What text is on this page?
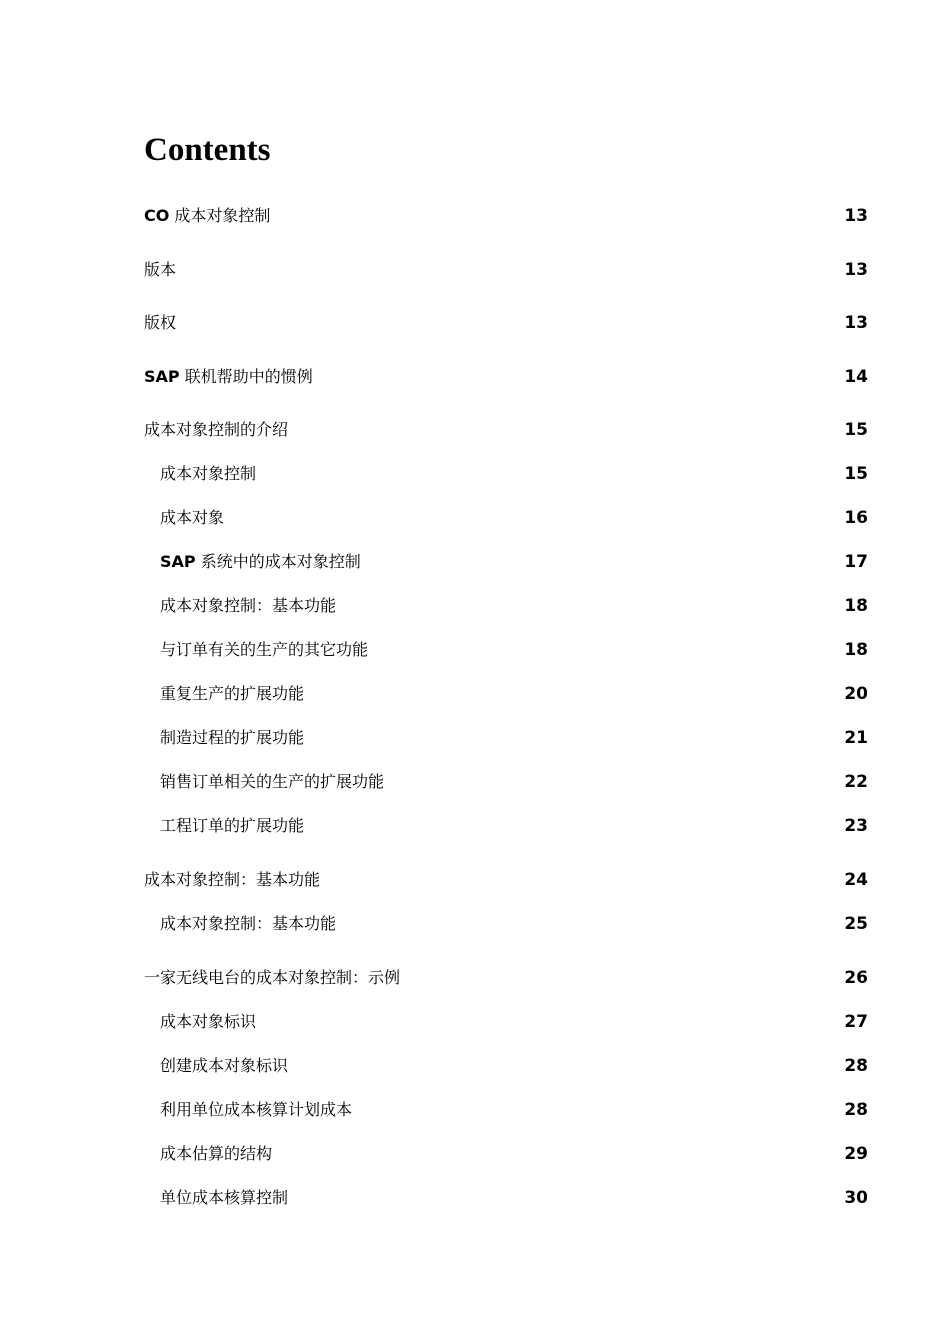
Contents
CO 成本对象控制	13
版本	13
版权	13
SAP 联机帮助中的惯例	14
成本对象控制的介绍	15
成本对象控制	15
成本对象	16
SAP 系统中的成本对象控制	17
成本对象控制：基本功能	18
与订单有关的生产的其它功能	18
重复生产的扩展功能	20
制造过程的扩展功能	21
销售订单相关的生产的扩展功能	22
工程订单的扩展功能	23
成本对象控制：基本功能	24
成本对象控制：基本功能	25
一家无线电台的成本对象控制：示例	26
成本对象标识	27
创建成本对象标识	28
利用单位成本核算计划成本	28
成本估算的结构	29
单位成本核算控制	30
